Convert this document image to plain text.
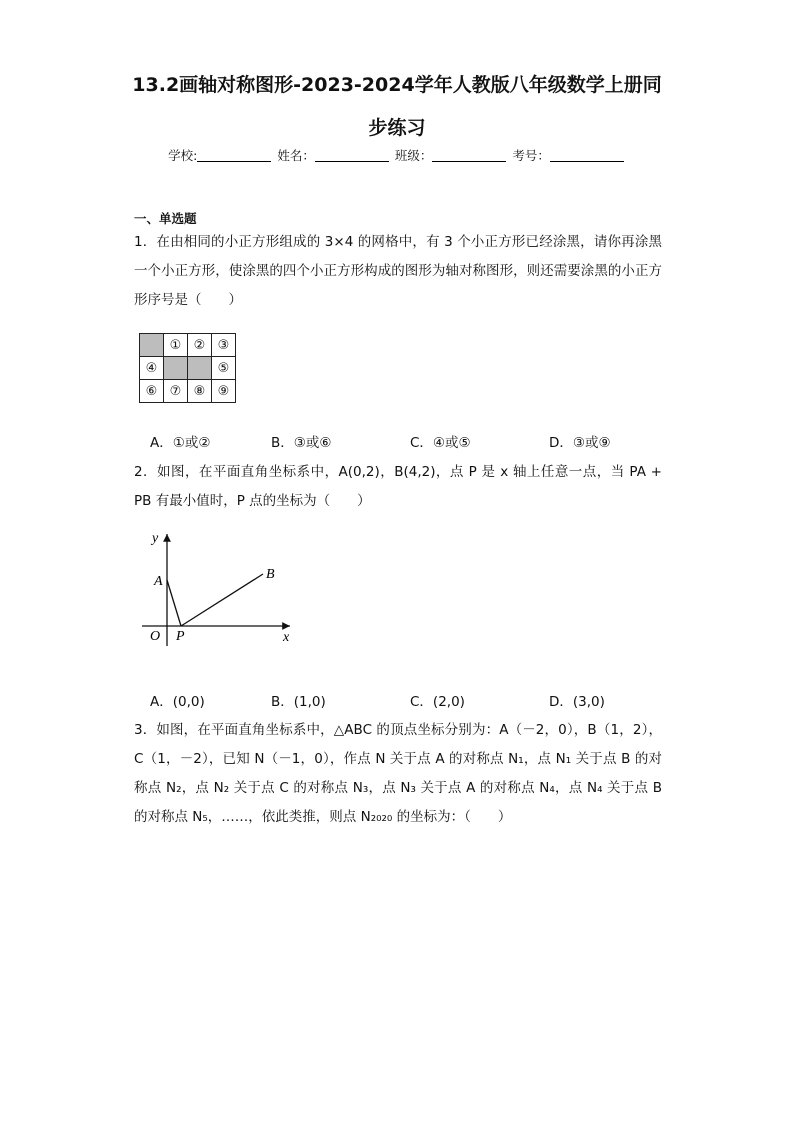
13.2画轴对称图形-2023-2024学年人教版八年级数学上册同
步练习
学校:	姓名：	班级：	考号：
一、单选题
1．在由相同的小正方形组成的 3×4 的网格中，有 3 个小正方形已经涂黑，请你再涂黑一个小正方形，使涂黑的四个小正方形构成的图形为轴对称图形，则还需要涂黑的小正方形序号是（　　）
	①	②	③
④			⑤
⑥	⑦	⑧	⑨
A．①或②	B．③或⑥	C．④或⑤	D．③或⑨
2．如图，在平面直角坐标系中，A(0,2)，B(4,2)，点 P 是 x 轴上任意一点，当 PA + PB 有最小值时，P 点的坐标为（　　）
y
x
O
A	B
P
A．(0,0)	B．(1,0)	C．(2,0)	D．(3,0)
3．如图，在平面直角坐标系中，△ABC 的顶点坐标分别为：A（－2，0），B（1，2），C（1，－2），已知 N（－1，0），作点 N 关于点 A 的对称点 N₁，点 N₁ 关于点 B 的对称点 N₂，点 N₂ 关于点 C 的对称点 N₃，点 N₃ 关于点 A 的对称点 N₄，点 N₄ 关于点 B 的对称点 N₅，……，依此类推，则点 N₂₀₂₀ 的坐标为：（　　）
